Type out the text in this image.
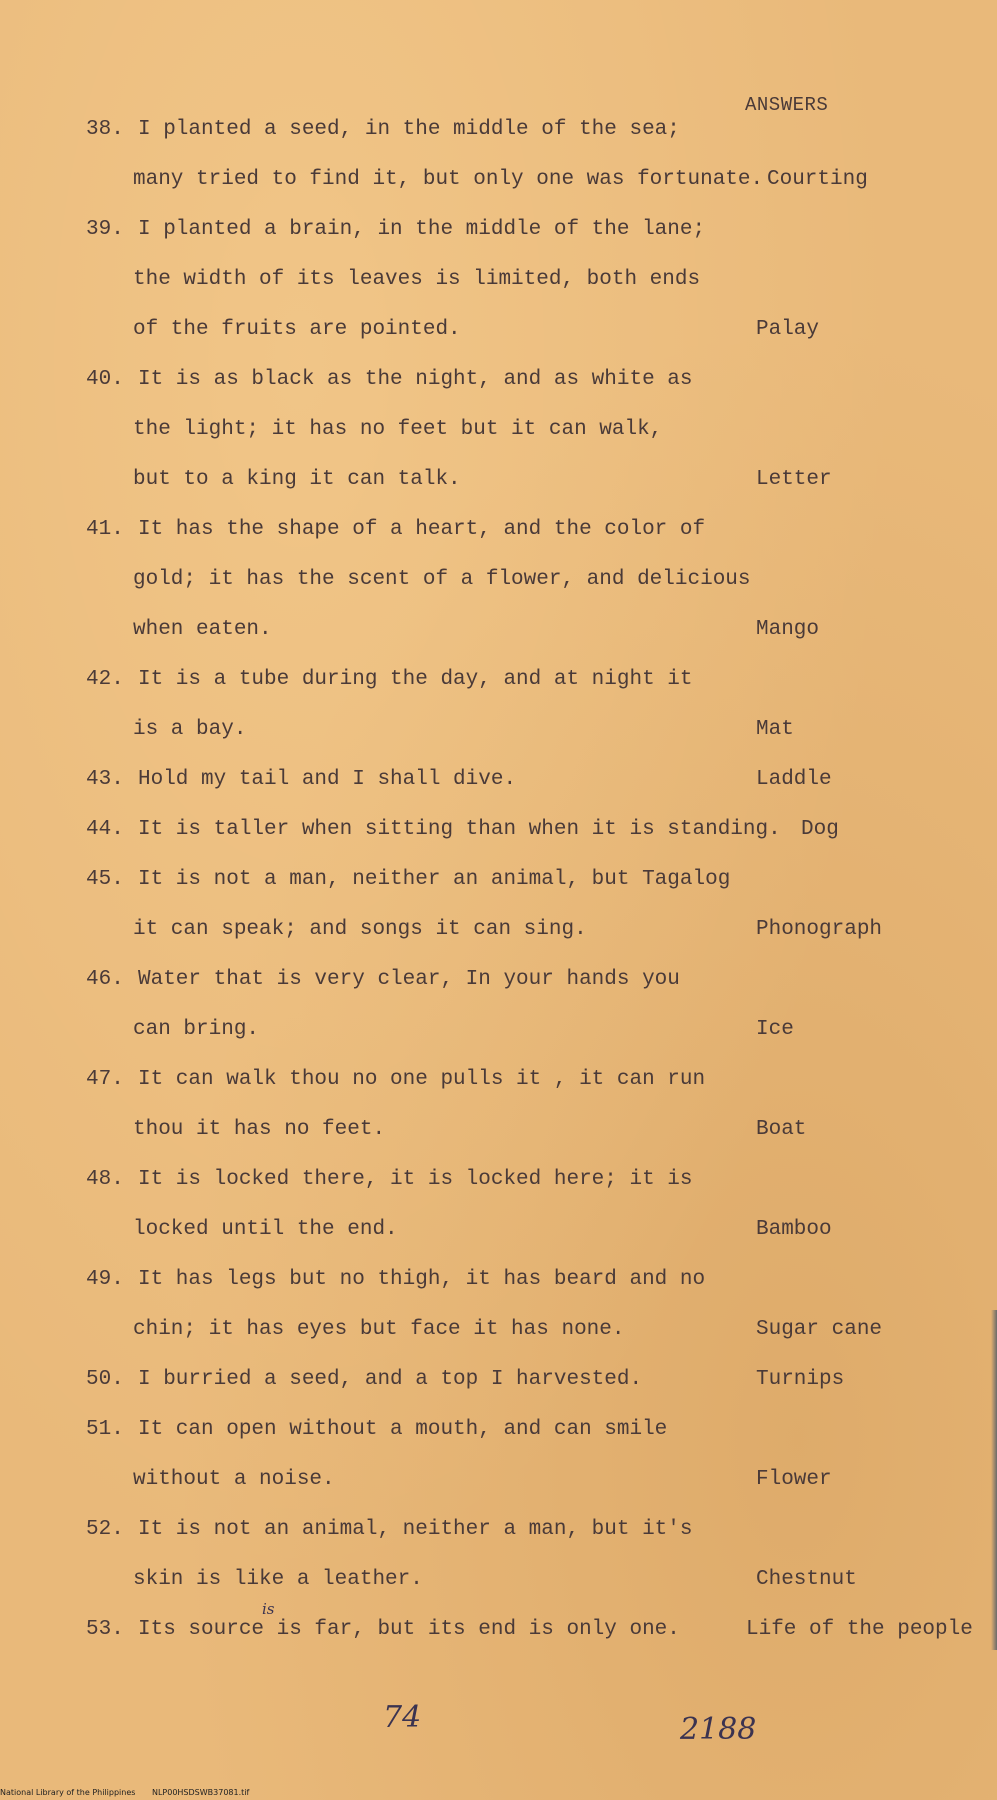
ANSWERS
38. I planted a seed, in the middle of the sea;
many tried to find it, but only one was fortunate. Courting
39. I planted a brain, in the middle of the lane;
the width of its leaves is limited, both ends
of the fruits are pointed.	Palay
40. It is as black as the night, and as white as
the light; it has no feet but it can walk,
but to a king it can talk.	Letter
41. It has the shape of a heart, and the color of
gold; it has the scent of a flower, and delicious
when eaten.	Mango
42. It is a tube during the day, and at night it
is a bay.	Mat
43. Hold my tail and I shall dive.	Laddle
44. It is taller when sitting than when it is standing. Dog
45. It is not a man, neither an animal, but Tagalog
it can speak; and songs it can sing.	Phonograph
46. Water that is very clear, In your hands you
can bring.	Ice
47. It can walk thou no one pulls it , it can run
thou it has no feet.	Boat
48. It is locked there, it is locked here; it is
locked until the end.	Bamboo
49. It has legs but no thigh, it has beard and no
chin; it has eyes but face it has none.	Sugar cane
50. I burried a seed, and a top I harvested.	Turnips
51. It can open without a mouth, and can smile
without a noise.	Flower
52. It is not an animal, neither a man, but it's
skin is like a leather.	Chestnut
53. Its source is far, but its end is only one.	Life of the people
is
74	2188
National Library of the Philippines NLP00HSDSWB37081.tif
